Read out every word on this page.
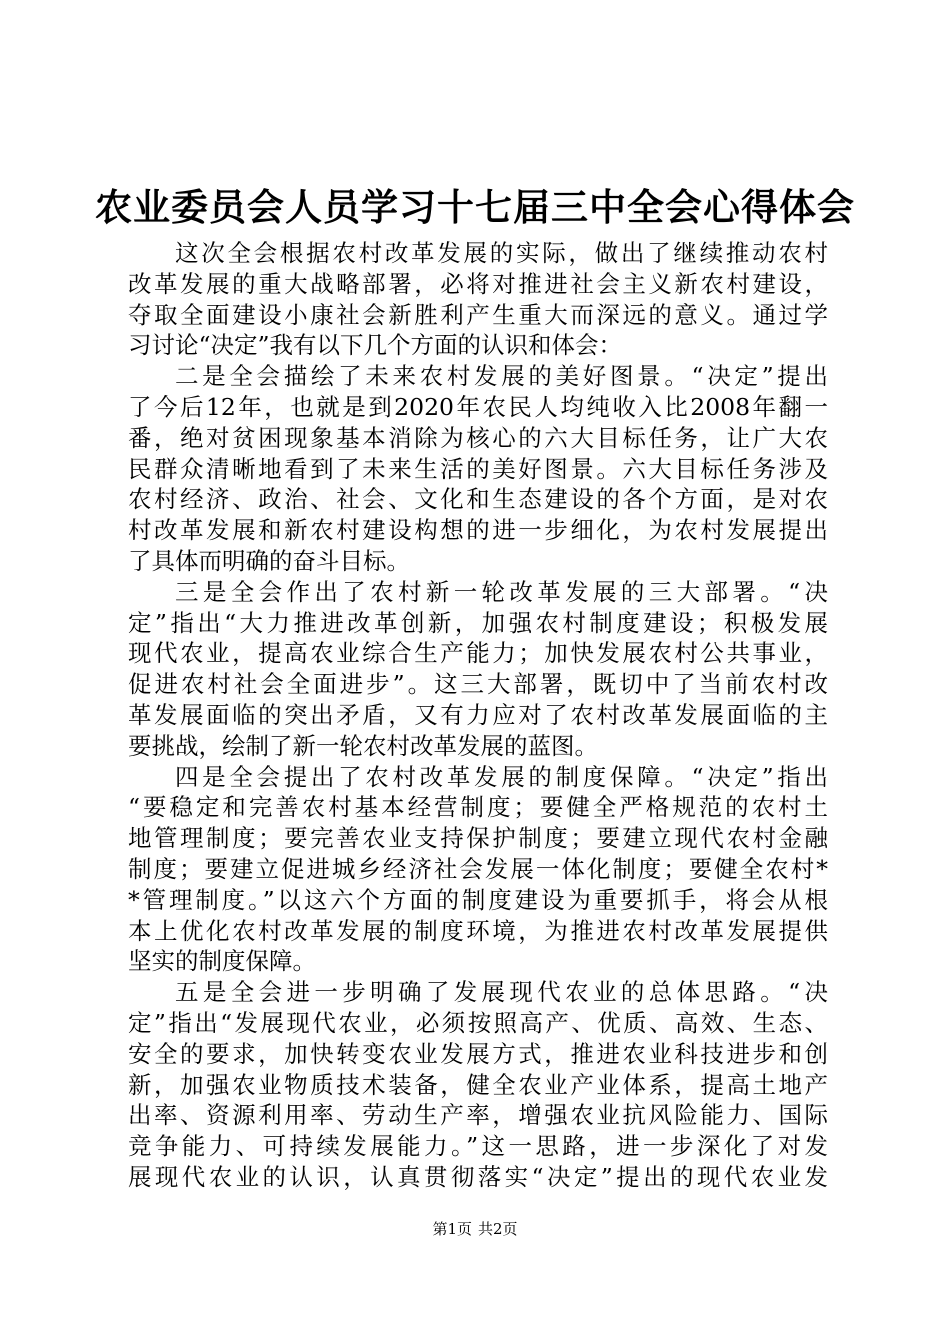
农业委员会人员学习十七届三中全会心得体会
这次全会根据农村改革发展的实际，做出了继续推动农村
改革发展的重大战略部署，必将对推进社会主义新农村建设，
夺取全面建设小康社会新胜利产生重大而深远的意义。通过学
习讨论“决定”我有以下几个方面的认识和体会：
二是全会描绘了未来农村发展的美好图景。“决定”提出
了今后12年，也就是到2020年农民人均纯收入比2008年翻一
番，绝对贫困现象基本消除为核心的六大目标任务，让广大农
民群众清晰地看到了未来生活的美好图景。六大目标任务涉及
农村经济、政治、社会、文化和生态建设的各个方面，是对农
村改革发展和新农村建设构想的进一步细化，为农村发展提出
了具体而明确的奋斗目标。
三是全会作出了农村新一轮改革发展的三大部署。“决
定”指出“大力推进改革创新，加强农村制度建设；积极发展
现代农业，提高农业综合生产能力；加快发展农村公共事业，
促进农村社会全面进步”。这三大部署，既切中了当前农村改
革发展面临的突出矛盾，又有力应对了农村改革发展面临的主
要挑战，绘制了新一轮农村改革发展的蓝图。
四是全会提出了农村改革发展的制度保障。“决定”指出
“要稳定和完善农村基本经营制度；要健全严格规范的农村土
地管理制度；要完善农业支持保护制度；要建立现代农村金融
制度；要建立促进城乡经济社会发展一体化制度；要健全农村*
*管理制度。”以这六个方面的制度建设为重要抓手，将会从根
本上优化农村改革发展的制度环境，为推进农村改革发展提供
坚实的制度保障。
五是全会进一步明确了发展现代农业的总体思路。“决
定”指出“发展现代农业，必须按照高产、优质、高效、生态、
安全的要求，加快转变农业发展方式，推进农业科技进步和创
新，加强农业物质技术装备，健全农业产业体系，提高土地产
出率、资源利用率、劳动生产率，增强农业抗风险能力、国际
竞争能力、可持续发展能力。”这一思路，进一步深化了对发
展现代农业的认识，认真贯彻落实“决定”提出的现代农业发
第1页 共2页
